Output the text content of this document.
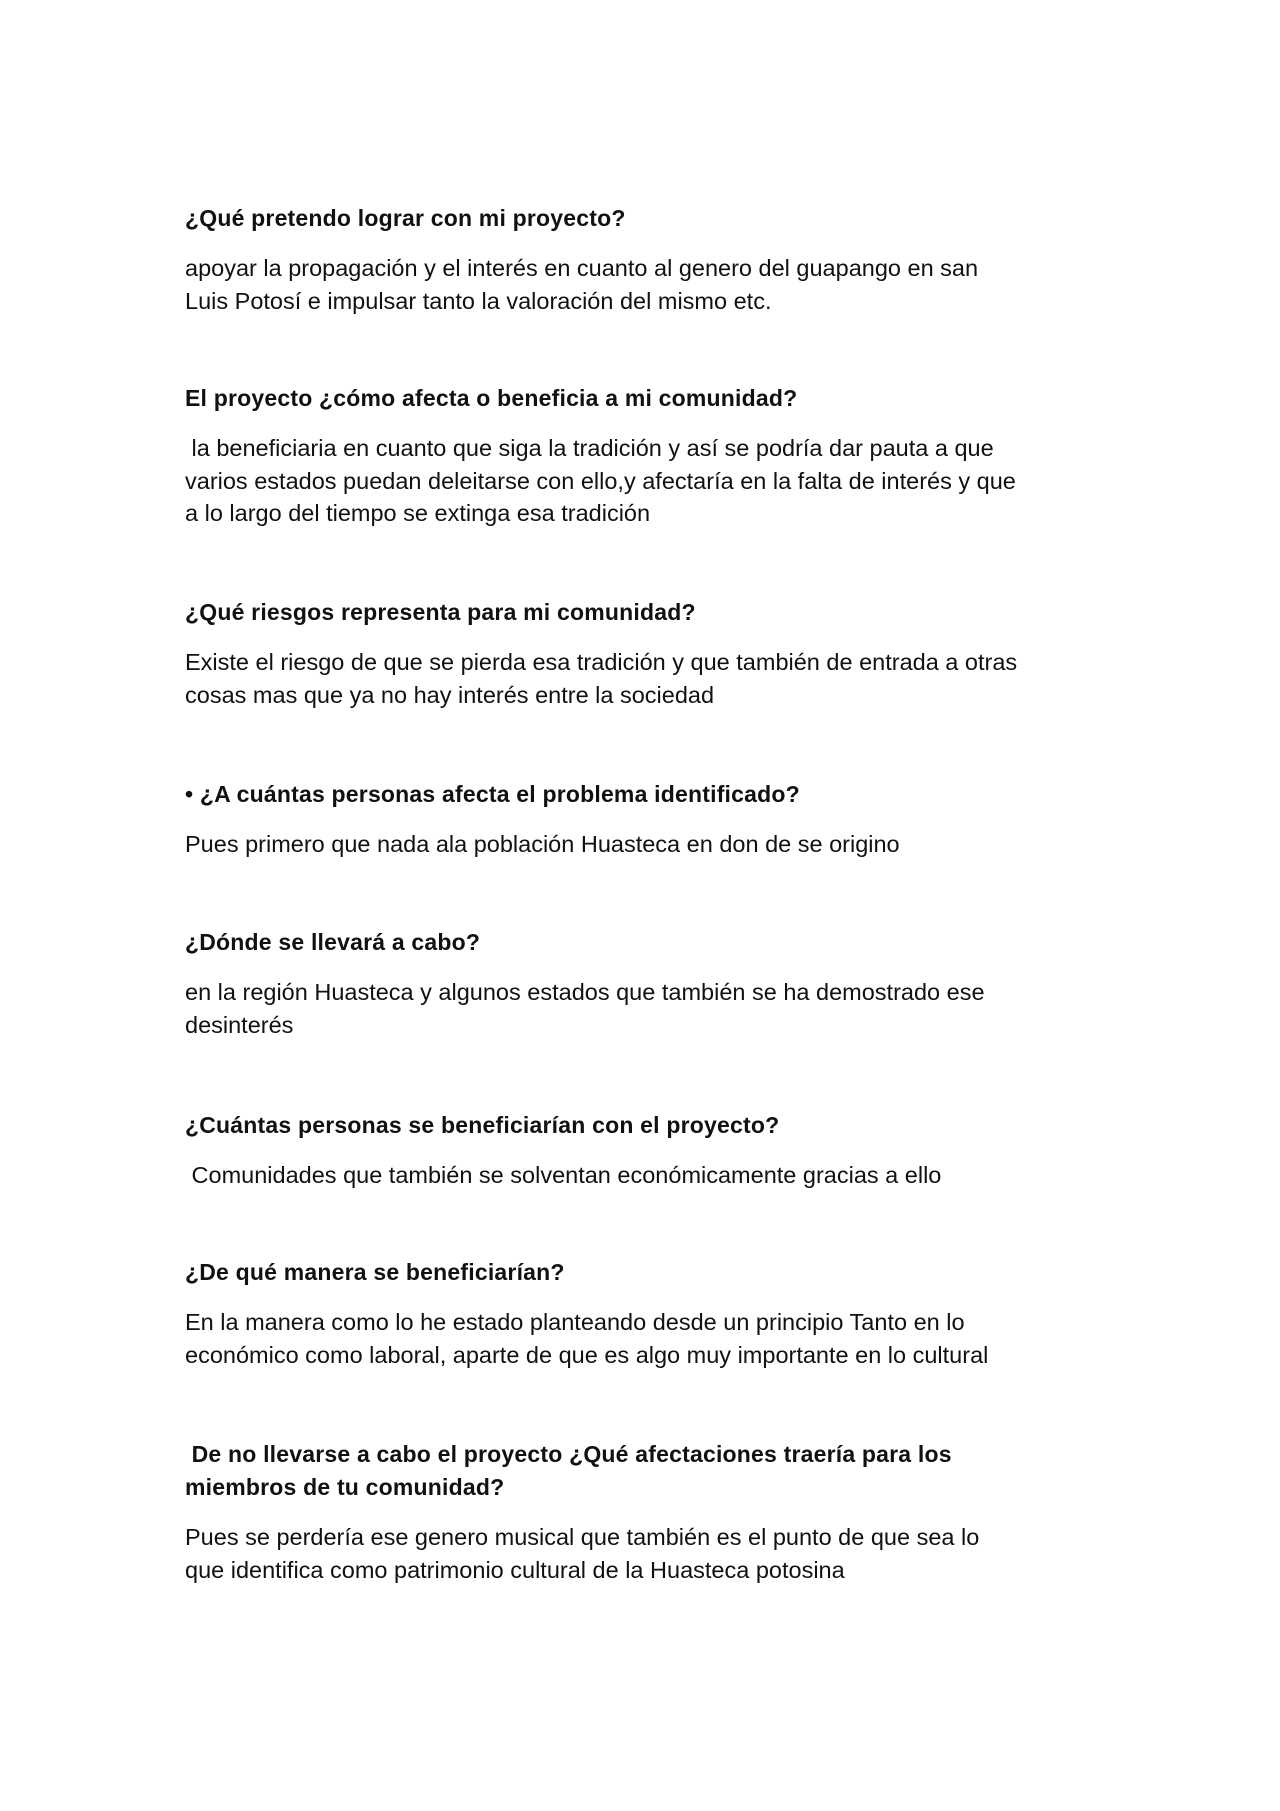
¿Qué pretendo lograr con mi proyecto?
apoyar la propagación y el interés en cuanto al genero del guapango en san
Luis Potosí e impulsar tanto la valoración del mismo etc.
El proyecto ¿cómo afecta o beneficia a mi comunidad?
la beneficiaria en cuanto que siga la tradición y así se podría dar pauta a que
varios estados puedan deleitarse con ello,y afectaría en la falta de interés y que
a lo largo del tiempo se extinga esa tradición
¿Qué riesgos representa para mi comunidad?
Existe el riesgo de que se pierda esa tradición y que también de entrada a otras
cosas mas que ya no hay interés entre la sociedad
• ¿A cuántas personas afecta el problema identificado?
Pues primero que nada ala población Huasteca en don de se origino
¿Dónde se llevará a cabo?
en la región Huasteca y algunos estados que también se ha demostrado ese
desinterés
¿Cuántas personas se beneficiarían con el proyecto?
Comunidades que también se solventan económicamente gracias a ello
¿De qué manera se beneficiarían?
En la manera como lo he estado planteando desde un principio Tanto en lo
económico como laboral, aparte de que es algo muy importante en lo cultural
De no llevarse a cabo el proyecto ¿Qué afectaciones traería para los
miembros de tu comunidad?
Pues se perdería ese genero musical que también es el punto de que sea lo
que identifica como patrimonio cultural de la Huasteca potosina
